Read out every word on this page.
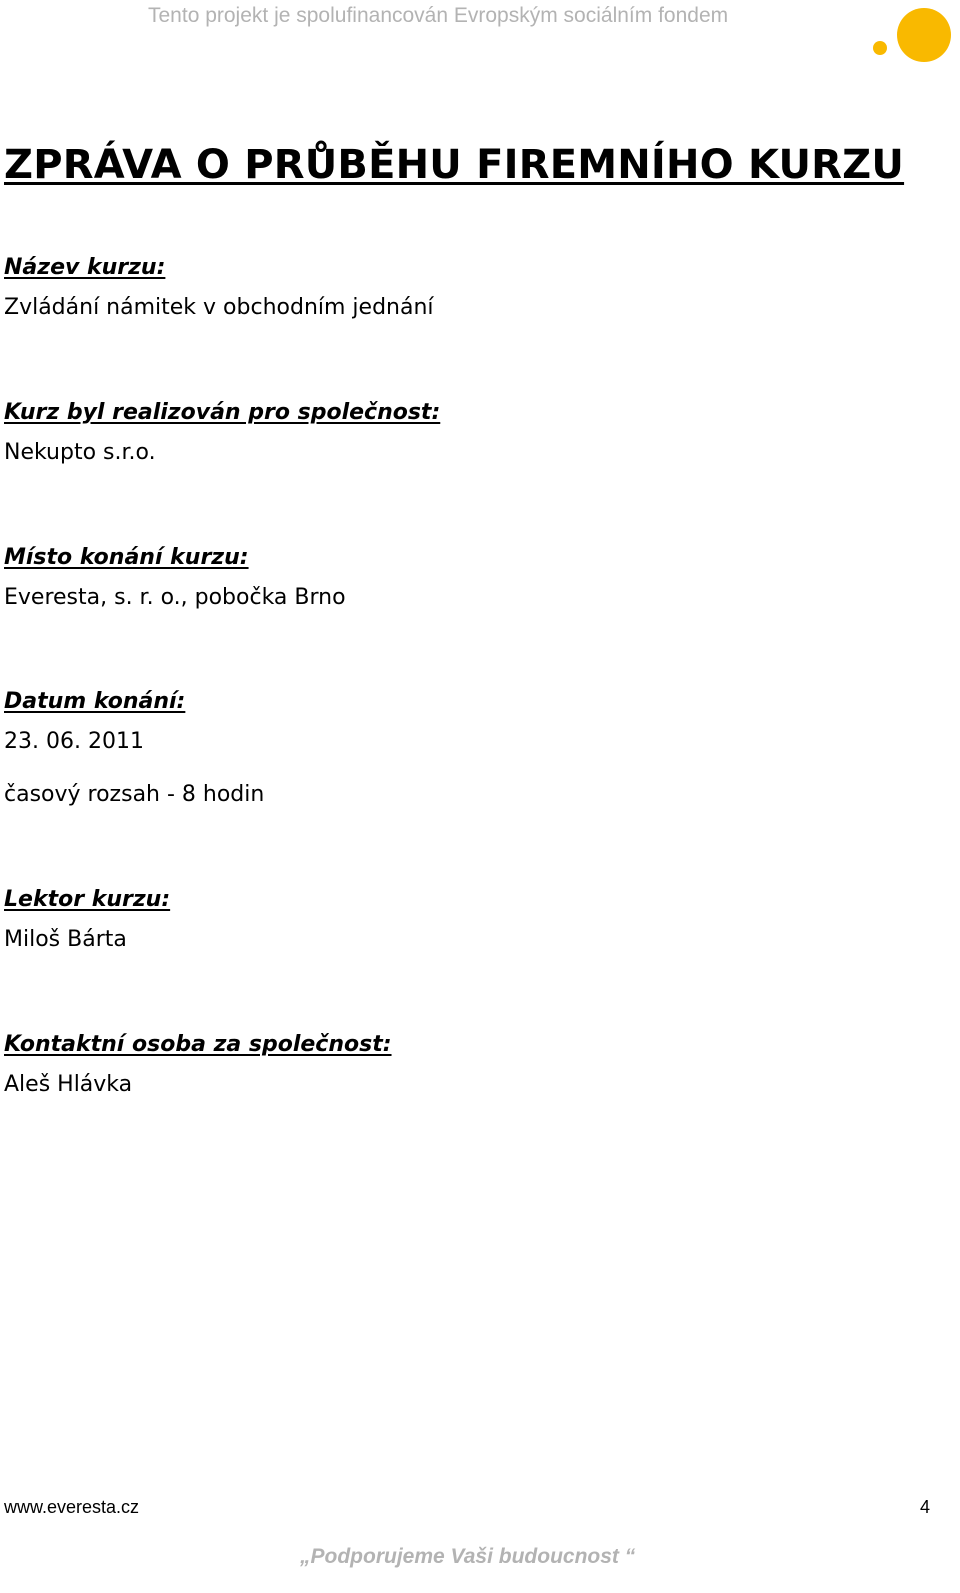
Tento projekt je spolufinancován Evropským sociálním fondem
ZPRÁVA O PRŮBĚHU FIREMNÍHO KURZU
Název kurzu:
Zvládání námitek v obchodním jednání
Kurz byl realizován pro společnost:
Nekupto s.r.o.
Místo konání kurzu:
Everesta, s. r. o., pobočka Brno
Datum konání:
23. 06. 2011
časový rozsah - 8 hodin
Lektor kurzu:
Miloš Bárta
Kontaktní osoba za společnost:
Aleš Hlávka
www.everesta.cz	4
„Podporujeme Vaši budoucnost “
